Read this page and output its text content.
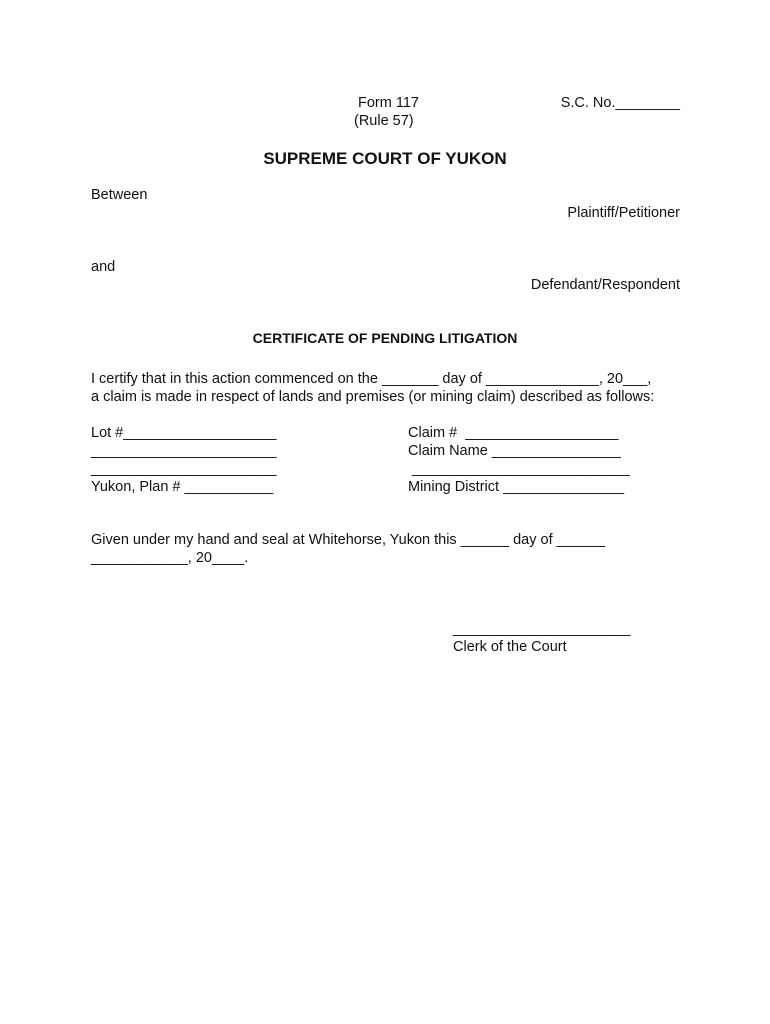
Form 117
(Rule 57)
S.C. No.________
SUPREME COURT OF YUKON
Between
Plaintiff/Petitioner
and
Defendant/Respondent
CERTIFICATE OF PENDING LITIGATION
I certify that in this action commenced on the _______ day of ______________, 20___,
a claim is made in respect of lands and premises (or mining claim) described as follows:
Lot #___________________
_______________________
_______________________
Yukon, Plan # ___________
Claim #  ___________________
Claim Name ________________
___________________________
Mining District _______________
Given under my hand and seal at Whitehorse, Yukon this ______ day of ______
____________, 20____.
______________________
Clerk of the Court
